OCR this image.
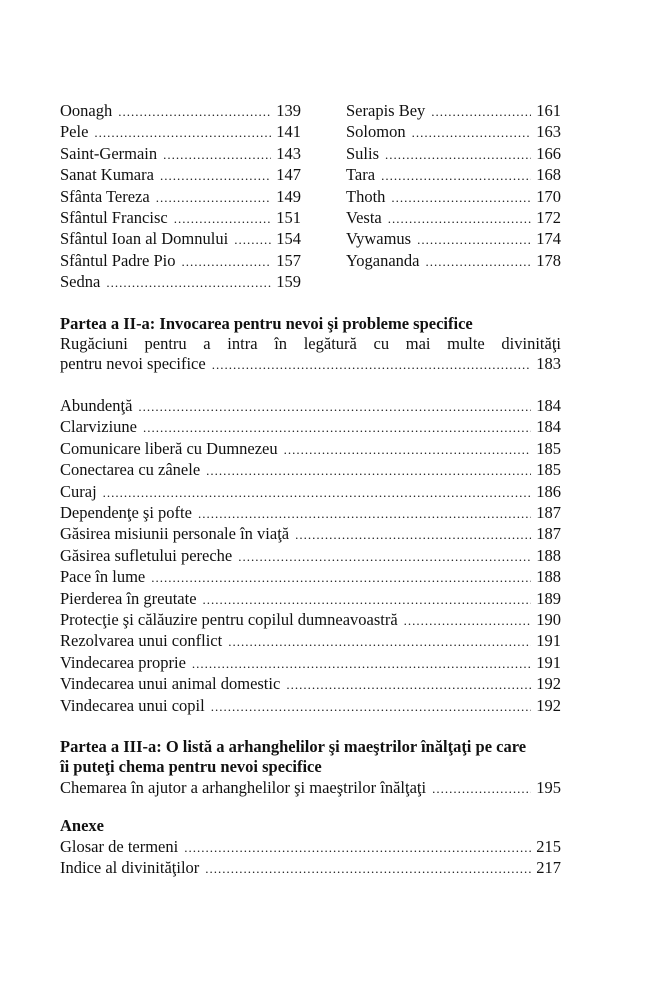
Oonagh .....	139
Pele .....	141
Saint-Germain .....	143
Sanat Kumara .....	147
Sfânta Tereza .....	149
Sfântul Francisc .....	151
Sfântul Ioan al Domnului .....	154
Sfântul Padre Pio .....	157
Sedna .....	159
Serapis Bey .....	161
Solomon .....	163
Sulis .....	166
Tara .....	168
Thoth .....	170
Vesta .....	172
Vywamus .....	174
Yogananda .....	178
Partea a II-a: Invocarea pentru nevoi şi probleme specifice
Rugăciuni pentru a intra în legătură cu mai multe divinităţi
pentru nevoi specifice .....	183
Abundenţă .....	184
Clarviziune .....	184
Comunicare liberă cu Dumnezeu .....	185
Conectarea cu zânele .....	185
Curaj .....	186
Dependenţe şi pofte .....	187
Găsirea misiunii personale în viaţă .....	187
Găsirea sufletului pereche .....	188
Pace în lume .....	188
Pierderea în greutate .....	189
Protecţie şi călăuzire pentru copilul dumneavoastră .....	190
Rezolvarea unui conflict .....	191
Vindecarea proprie .....	191
Vindecarea unui animal domestic .....	192
Vindecarea unui copil .....	192
Partea a III-a: O listă a arhanghelilor şi maeştrilor înălţaţi pe care
îi puteţi chema pentru nevoi specifice
Chemarea în ajutor a arhanghelilor şi maeştrilor înălţaţi .....	195
Anexe
Glosar de termeni .....	215
Indice al divinităţilor .....	217
